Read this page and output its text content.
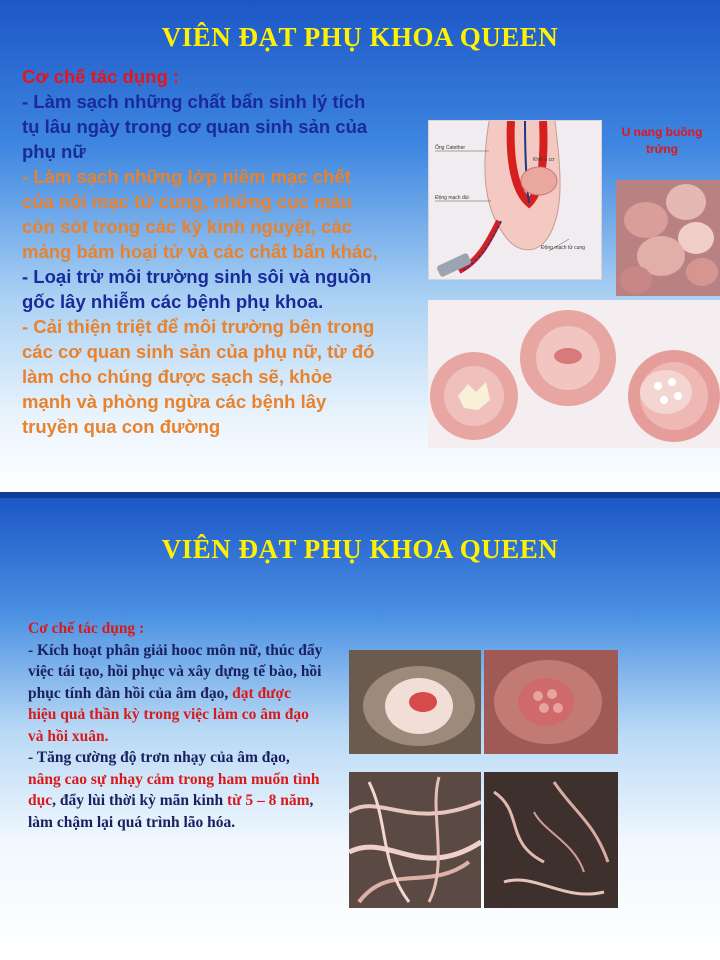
VIÊN ĐẠT PHỤ KHOA QUEEN

Cơ chế tác dụng :

- Làm sạch những chất bẩn sinh lý tích tụ lâu ngày trong cơ quan sinh sản của phụ nữ

- Làm sạch những lớp niêm mạc chết của nội mạc tử cung, những cục máu còn sót trong các kỳ kinh nguyệt, các mảng bám hoại tử và các chất bẩn khác,

- Loại trừ môi trường sinh sôi và nguồn gốc lây nhiễm các bệnh phụ khoa.

- Cải thiện triệt để môi trường bên trong các cơ quan sinh sản của phụ nữ, từ đó làm cho chúng được sạch sẽ, khỏe mạnh và phòng ngừa các bệnh lây truyền qua con đường

Ống Catether
Khối u cơ
Động mạch đùi
Động mạch tử cung
U nang buồng trứng
VIÊN ĐẠT PHỤ KHOA QUEEN

Cơ chế tác dụng :

- Kích hoạt phân giải hooc môn nữ, thúc đẩy việc tái tạo, hồi phục và xây dựng tế bào, hồi phục tính đàn hồi của âm đạo, đạt được hiệu quả thần kỳ trong việc làm co âm đạo và hồi xuân.

- Tăng cường độ trơn nhạy của âm đạo, nâng cao sự nhạy cảm trong ham muốn tình dục, đẩy lùi thời kỳ mãn kinh từ 5 – 8 năm, làm chậm lại quá trình lão hóa.
